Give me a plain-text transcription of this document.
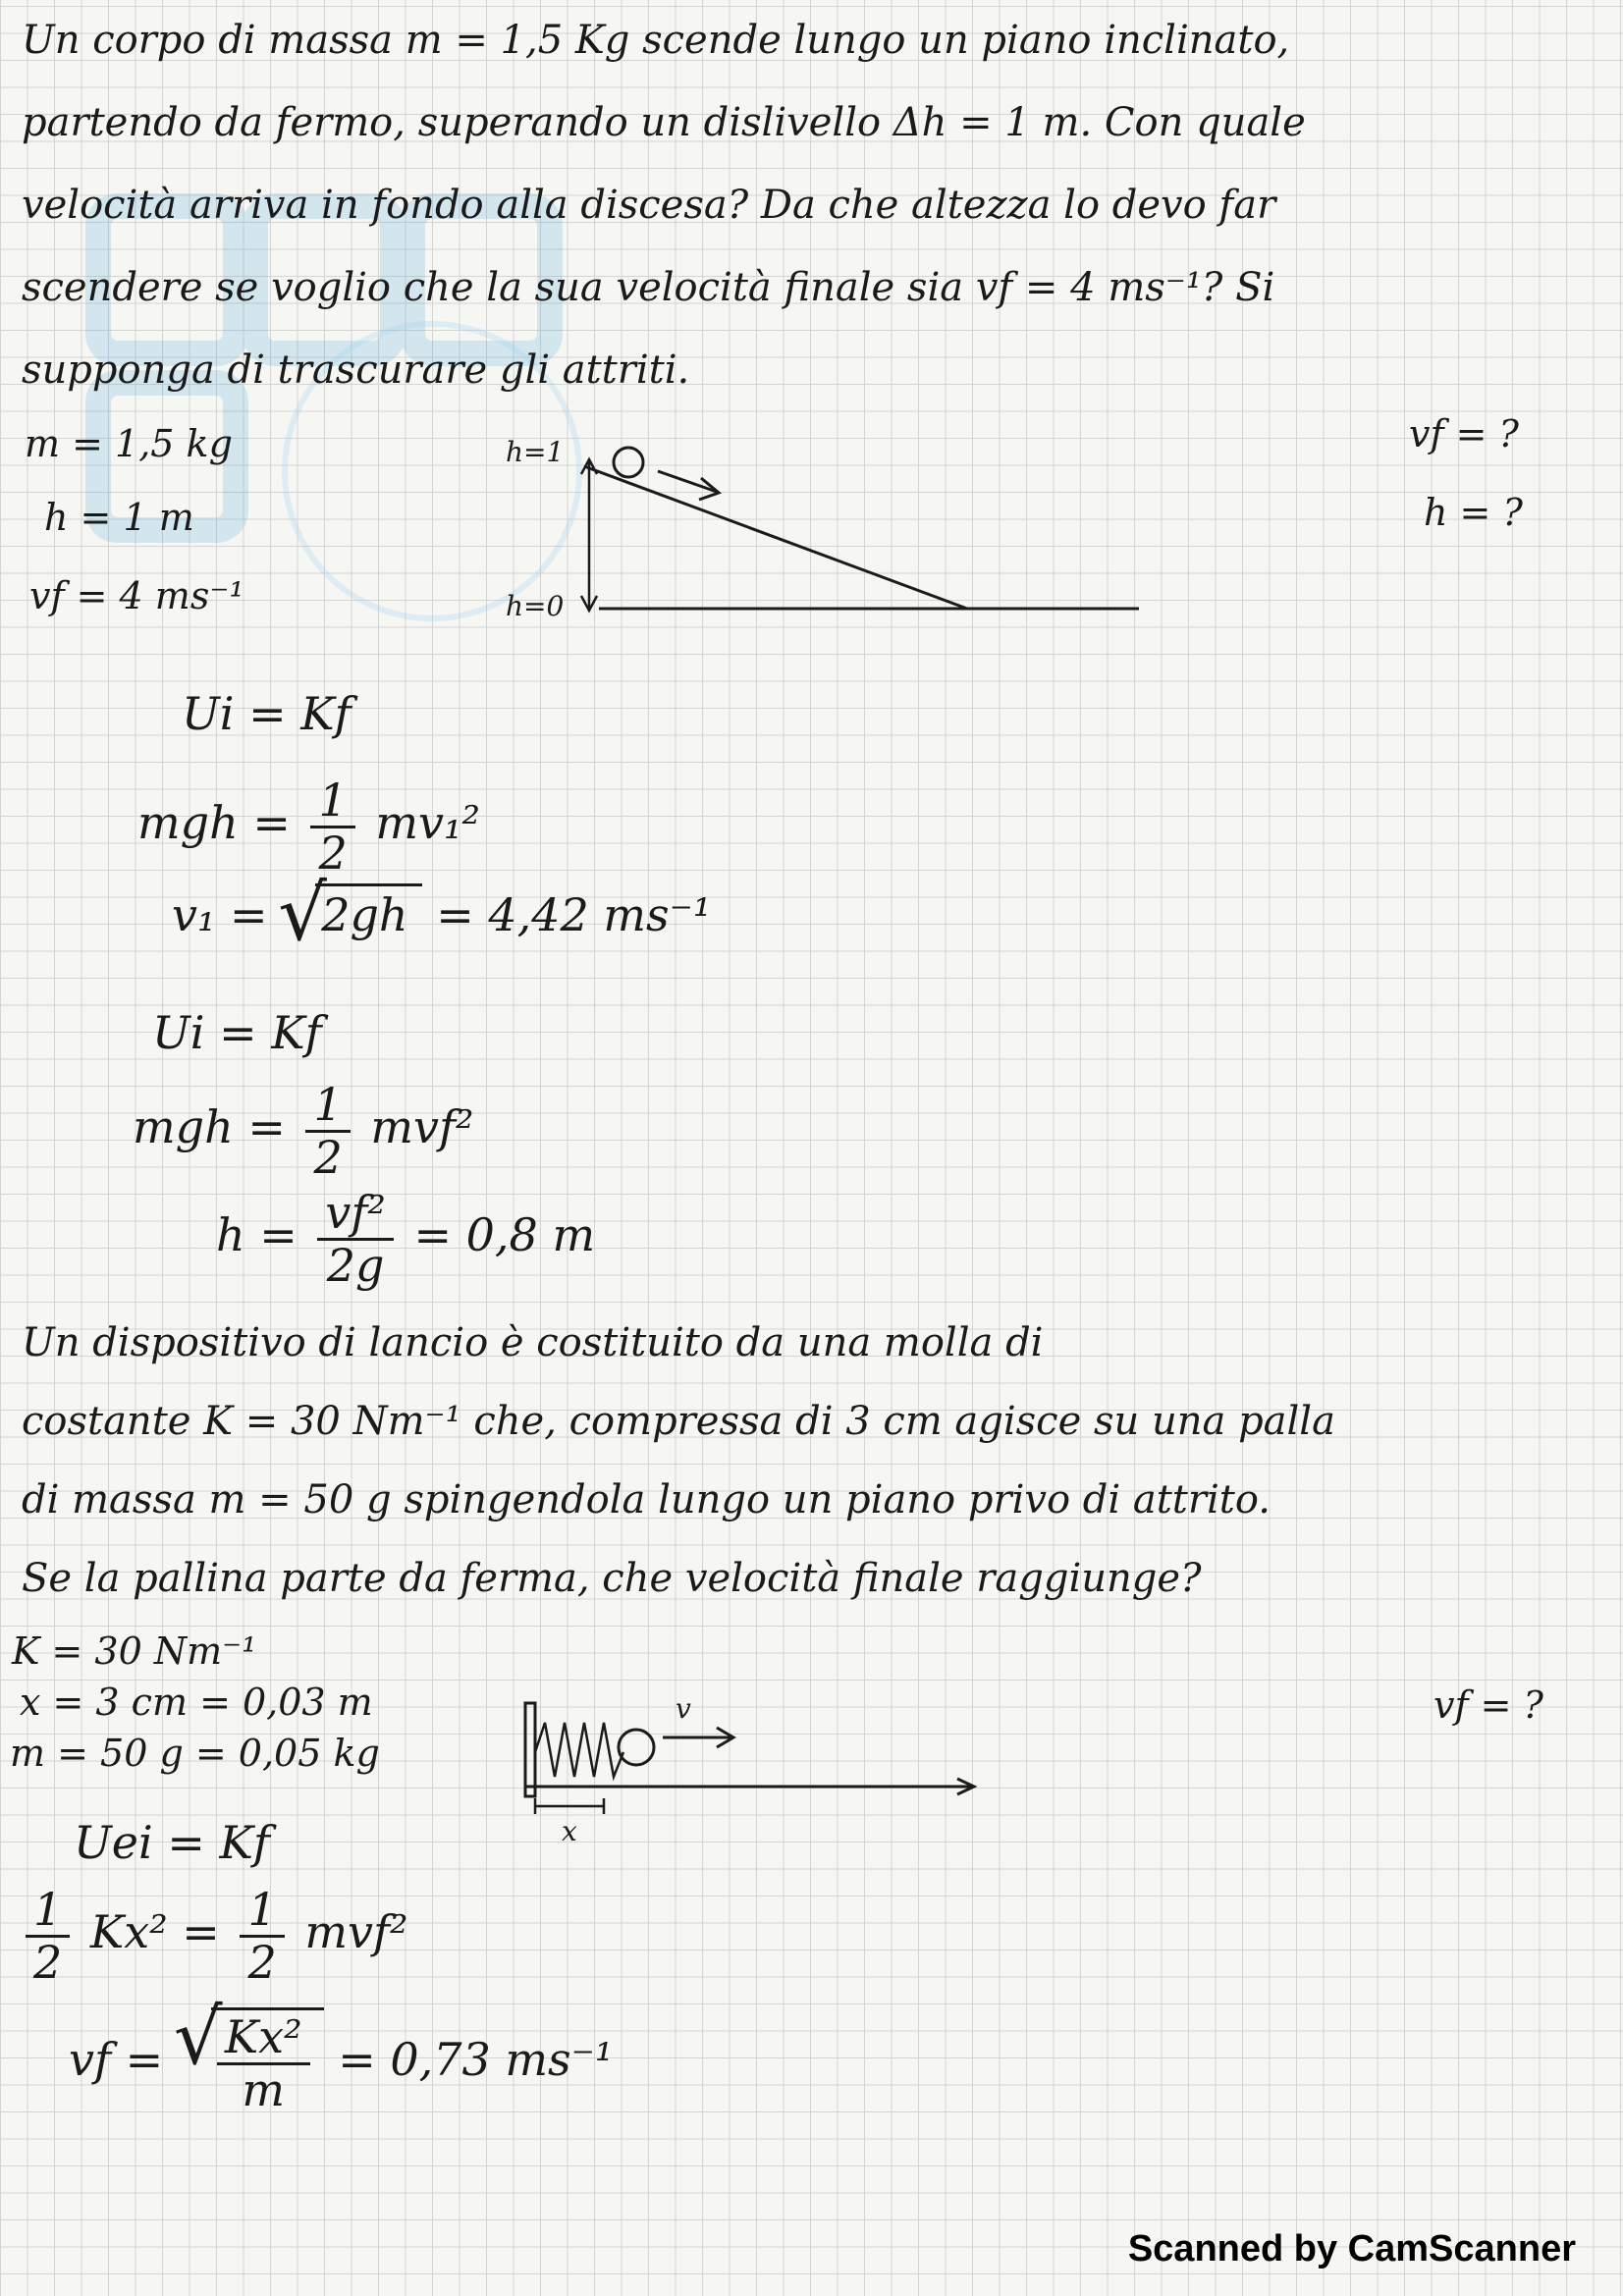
Un corpo di massa m = 1,5 Kg scende lungo un piano inclinato,
partendo da fermo, superando un dislivello Δh = 1 m. Con quale
velocità arriva in fondo alla discesa? Da che altezza lo devo far
scendere se voglio che la sua velocità finale sia vf = 4 ms⁻¹? Si
supponga di trascurare gli attriti.
m = 1,5 kg
h = 1 m
vf = 4 ms⁻¹
vf = ?
h = ?
h=1
h=0
Ui = Kf
mgh = $\frac{1}{2} mv_1^2$
v₁ = √ 2gh = 4,42 ms⁻¹
Ui = Kf
mgh = $\frac{1}{2} mvf^2$
$h = \frac{\text{vf²}}{2g} = 0,8$ m
Un dispositivo di lancio è costituito da una molla di
costante K = 30 Nm⁻¹ che, compressa di 3 cm agisce su una palla
di massa m = 50 g spingendola lungo un piano privo di attrito.
Se la pallina parte da ferma, che velocità finale raggiunge?
K = 30 Nm⁻¹
x = 3 cm = 0,03 m
m = 50 g = 0,05 kg
vf = ?
v
x
Uei = Kf
$\frac{1}{2} Kx^2 = \frac{1}{2} mvf^2$
vf = √ $\frac{\text{Kx²}}{m} = 0,73$ ms⁻¹
Scanned by CamScanner
